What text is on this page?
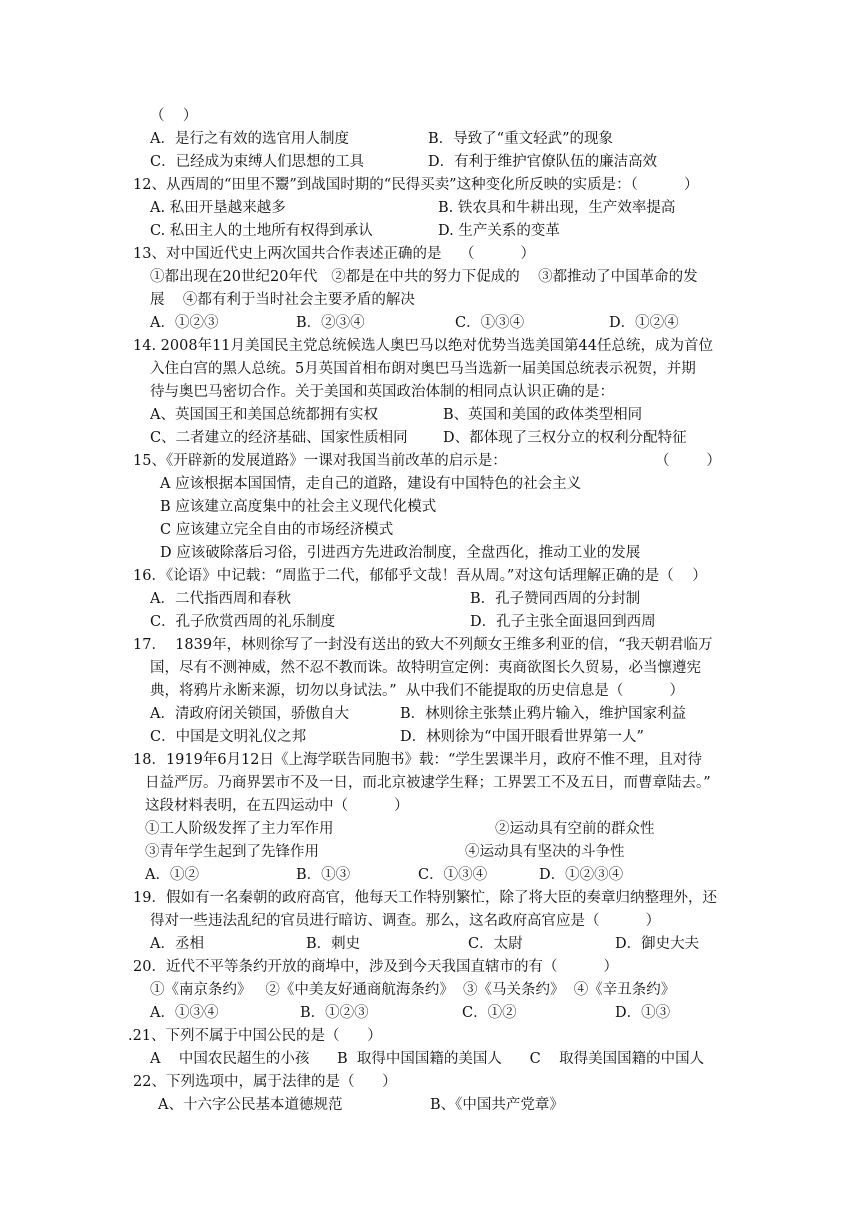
（    ）
A．是行之有效的选官用人制度	B．导致了“重文轻武”的现象
C．已经成为束缚人们思想的工具	D．有利于维护官僚队伍的廉洁高效
12、从西周的“田里不鬻”到战国时期的“民得买卖”这种变化所反映的实质是：（          ）
A. 私田开垦越来越多	B. 铁农具和牛耕出现，生产效率提高
C. 私田主人的土地所有权得到承认	D. 生产关系的变革
13、对中国近代史上两次国共合作表述正确的是    （          ）
①都出现在20世纪20年代   ②都是在中共的努力下促成的    ③都推动了中国革命的发
展    ④都有利于当时社会主要矛盾的解决
A．①②③	B．②③④	C．①③④	D．①②④
14. 2008年11月美国民主党总统候选人奥巴马以绝对优势当选美国第44任总统，成为首位
入住白宫的黑人总统。5月英国首相布朗对奥巴马当选新一届美国总统表示祝贺，并期
待与奥巴马密切合作。关于美国和英国政治体制的相同点认识正确的是：
A、英国国王和美国总统都拥有实权	B、英国和美国的政体类型相同
C、二者建立的经济基础、国家性质相同 D、都体现了三权分立的权利分配特征
15、《开辟新的发展道路》一课对我国当前改革的启示是：	（        ）
A 应该根据本国国情，走自己的道路，建设有中国特色的社会主义
B 应该建立高度集中的社会主义现代化模式
C 应该建立完全自由的市场经济模式
D 应该破除落后习俗，引进西方先进政治制度，全盘西化，推动工业的发展
16．《论语》中记载：“周监于二代，郁郁乎文哉！吾从周。”对这句话理解正确的是（    ）
A．二代指西周和春秋	B．孔子赞同西周的分封制
C．孔子欣赏西周的礼乐制度	D．孔子主张全面退回到西周
17．  1839年，林则徐写了一封没有送出的致大不列颠女王维多利亚的信，“我天朝君临万
国，尽有不测神威，然不忍不教而诛。故特明宣定例：夷商欲图长久贸易，必当懔遵宪
典，将鸦片永断来源，切勿以身试法。”  从中我们不能提取的历史信息是（          ）
A．清政府闭关锁国，骄傲自大	B．林则徐主张禁止鸦片输入，维护国家利益
C．中国是文明礼仪之邦	D．林则徐为“中国开眼看世界第一人”
18．1919年6月12日《上海学联告同胞书》载：“学生罢课半月，政府不惟不理，且对待
日益严厉。乃商界罢市不及一日，而北京被逮学生释；工界罢工不及五日，而曹章陆去。”
这段材料表明，在五四运动中（          ）
①工人阶级发挥了主力军作用	②运动具有空前的群众性
③青年学生起到了先锋作用	④运动具有坚决的斗争性
A．①②	B．①③	C．①③④	D．①②③④
19．假如有一名秦朝的政府高官，他每天工作特别繁忙，除了将大臣的奏章归纳整理外，还
得对一些违法乱纪的官员进行暗访、调查。那么，这名政府高官应是（          ）
A．丞相	B．刺史	C．太尉	D．御史大夫
20．近代不平等条约开放的商埠中，涉及到今天我国直辖市的有（          ）
①《南京条约》   ②《中美友好通商航海条约》  ③《马关条约》  ④《辛丑条约》
A．①③④	B．①②③	C．①②	D．①③
.21、下列不属于中国公民的是（      ）
A    中国农民超生的小孩      B  取得中国国籍的美国人      C    取得美国国籍的中国人
22、下列选项中，属于法律的是（      ）
A、十六字公民基本道德规范	B、《中国共产党章》
